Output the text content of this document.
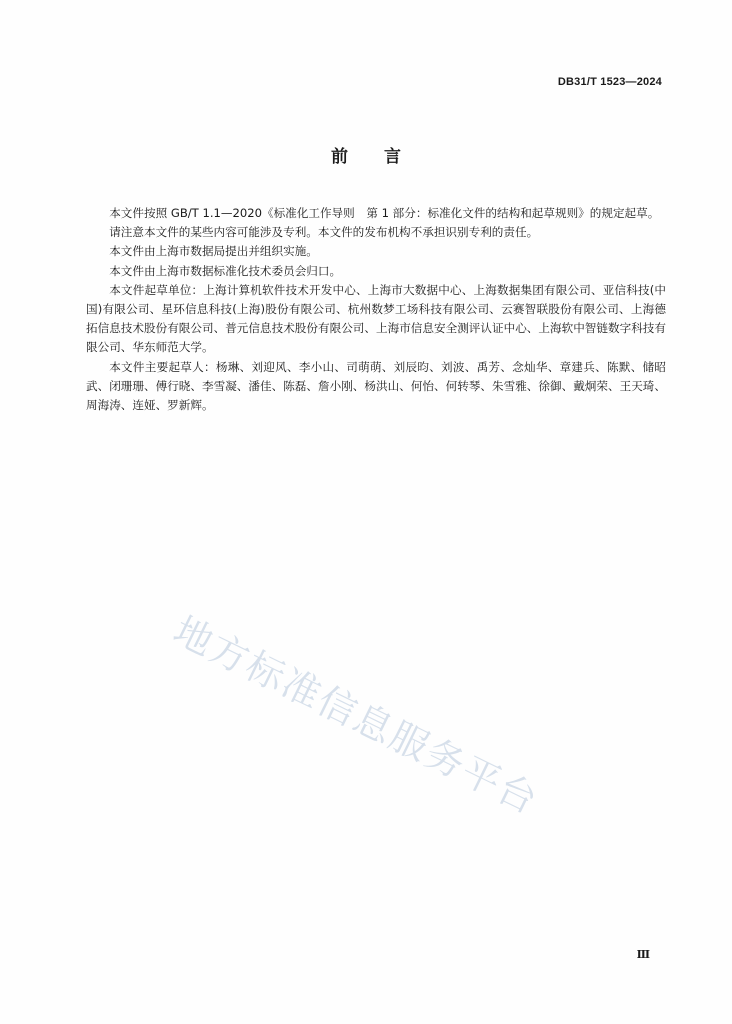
DB31/T 1523—2024
前言

本文件按照 GB/T 1.1—2020《标准化工作导则　第 1 部分：标准化文件的结构和起草规则》的规定起草。

请注意本文件的某些内容可能涉及专利。本文件的发布机构不承担识别专利的责任。

本文件由上海市数据局提出并组织实施。

本文件由上海市数据标准化技术委员会归口。

本文件起草单位：上海计算机软件技术开发中心、上海市大数据中心、上海数据集团有限公司、亚信科技(中国)有限公司、星环信息科技(上海)股份有限公司、杭州数梦工场科技有限公司、云赛智联股份有限公司、上海德拓信息技术股份有限公司、普元信息技术股份有限公司、上海市信息安全测评认证中心、上海软中智链数字科技有限公司、华东师范大学。

本文件主要起草人：杨琳、刘迎风、李小山、司萌萌、刘辰昀、刘波、禹芳、念灿华、章建兵、陈默、储昭武、闭珊珊、傅行晓、李雪凝、潘佳、陈磊、詹小刚、杨洪山、何怡、何转琴、朱雪雅、徐御、戴炯荣、王天琦、周海涛、连娅、罗新辉。

地方标准信息服务平台
Ⅲ
